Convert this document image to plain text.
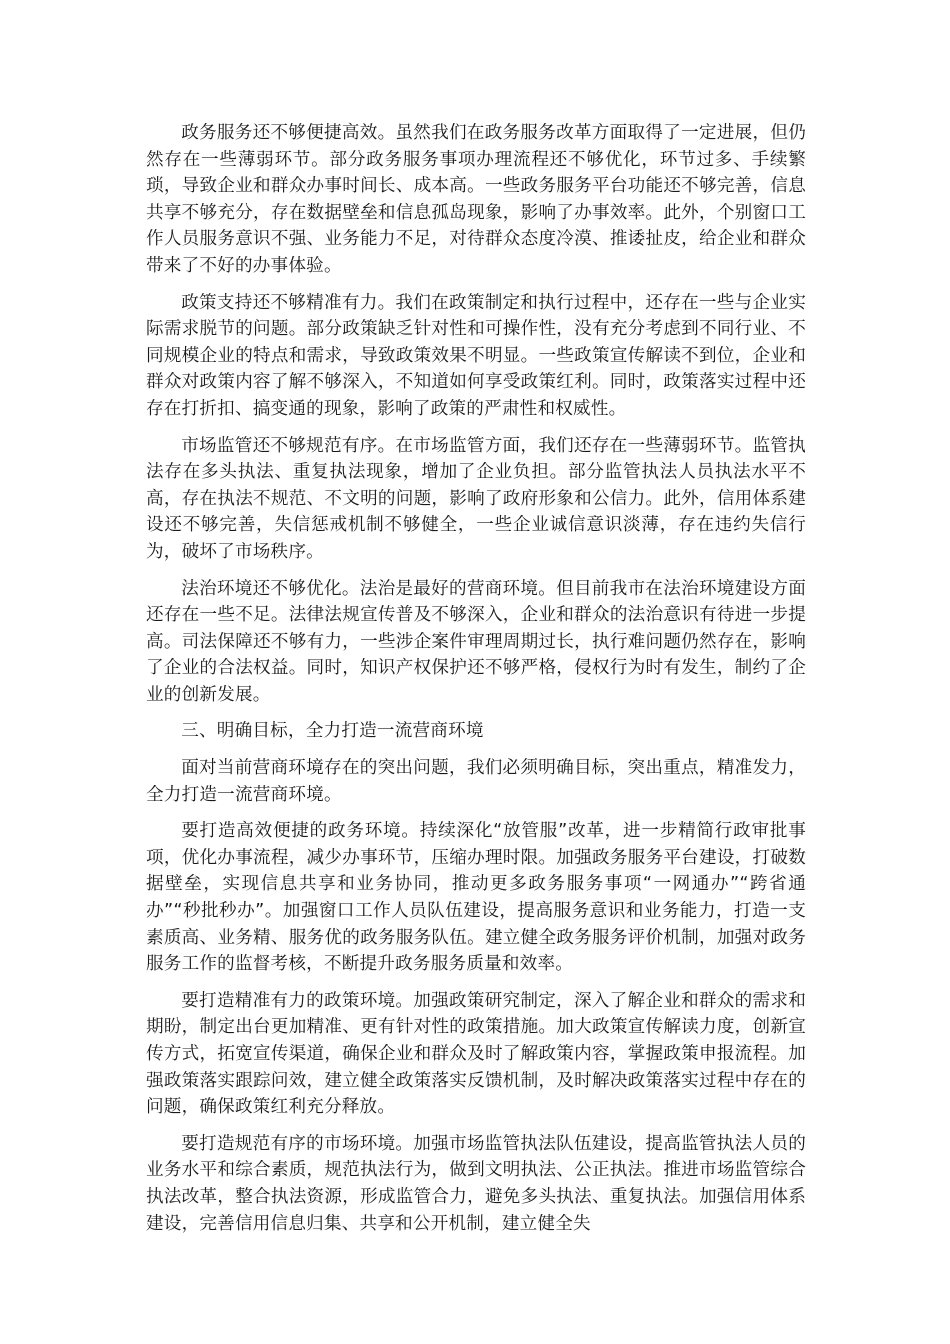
政务服务还不够便捷高效。虽然我们在政务服务改革方面取得了一定进展，但仍然存在一些薄弱环节。部分政务服务事项办理流程还不够优化，环节过多、手续繁琐，导致企业和群众办事时间长、成本高。一些政务服务平台功能还不够完善，信息共享不够充分，存在数据壁垒和信息孤岛现象，影响了办事效率。此外，个别窗口工作人员服务意识不强、业务能力不足，对待群众态度冷漠、推诿扯皮，给企业和群众带来了不好的办事体验。

政策支持还不够精准有力。我们在政策制定和执行过程中，还存在一些与企业实际需求脱节的问题。部分政策缺乏针对性和可操作性，没有充分考虑到不同行业、不同规模企业的特点和需求，导致政策效果不明显。一些政策宣传解读不到位，企业和群众对政策内容了解不够深入，不知道如何享受政策红利。同时，政策落实过程中还存在打折扣、搞变通的现象，影响了政策的严肃性和权威性。

市场监管还不够规范有序。在市场监管方面，我们还存在一些薄弱环节。监管执法存在多头执法、重复执法现象，增加了企业负担。部分监管执法人员执法水平不高，存在执法不规范、不文明的问题，影响了政府形象和公信力。此外，信用体系建设还不够完善，失信惩戒机制不够健全，一些企业诚信意识淡薄，存在违约失信行为，破坏了市场秩序。

法治环境还不够优化。法治是最好的营商环境。但目前我市在法治环境建设方面还存在一些不足。法律法规宣传普及不够深入，企业和群众的法治意识有待进一步提高。司法保障还不够有力，一些涉企案件审理周期过长，执行难问题仍然存在，影响了企业的合法权益。同时，知识产权保护还不够严格，侵权行为时有发生，制约了企业的创新发展。

三、明确目标，全力打造一流营商环境

面对当前营商环境存在的突出问题，我们必须明确目标，突出重点，精准发力，全力打造一流营商环境。

要打造高效便捷的政务环境。持续深化“放管服”改革，进一步精简行政审批事项，优化办事流程，减少办事环节，压缩办理时限。加强政务服务平台建设，打破数据壁垒，实现信息共享和业务协同，推动更多政务服务事项“一网通办”“跨省通办”“秒批秒办”。加强窗口工作人员队伍建设，提高服务意识和业务能力，打造一支素质高、业务精、服务优的政务服务队伍。建立健全政务服务评价机制，加强对政务服务工作的监督考核，不断提升政务服务质量和效率。

要打造精准有力的政策环境。加强政策研究制定，深入了解企业和群众的需求和期盼，制定出台更加精准、更有针对性的政策措施。加大政策宣传解读力度，创新宣传方式，拓宽宣传渠道，确保企业和群众及时了解政策内容，掌握政策申报流程。加强政策落实跟踪问效，建立健全政策落实反馈机制，及时解决政策落实过程中存在的问题，确保政策红利充分释放。

要打造规范有序的市场环境。加强市场监管执法队伍建设，提高监管执法人员的业务水平和综合素质，规范执法行为，做到文明执法、公正执法。推进市场监管综合执法改革，整合执法资源，形成监管合力，避免多头执法、重复执法。加强信用体系建设，完善信用信息归集、共享和公开机制，建立健全失
